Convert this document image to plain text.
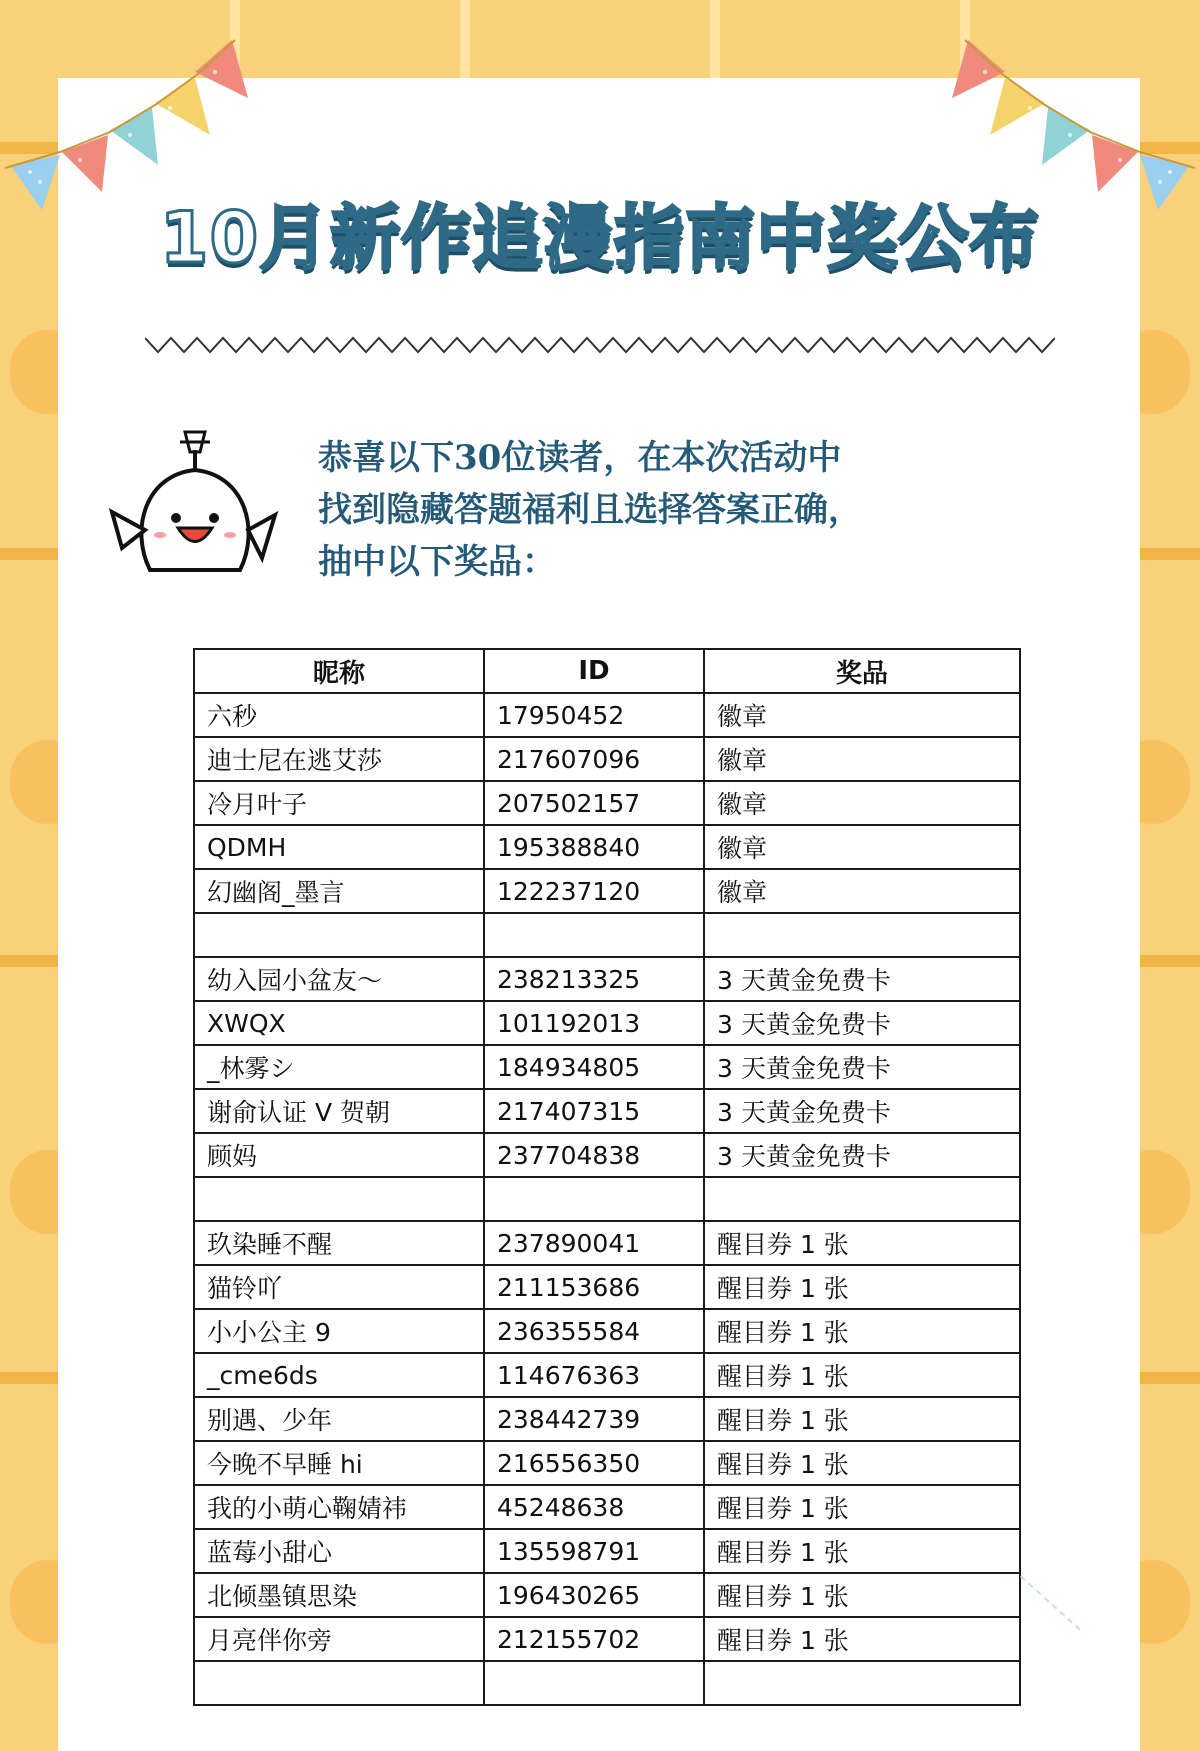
10月新作追漫指南中奖公布
恭喜以下30位读者，在本次活动中
找到隐藏答题福利且选择答案正确，
抽中以下奖品：
昵称	ID	奖品
六秒	17950452	徽章
迪士尼在逃艾莎	217607096	徽章
冷月叶子	207502157	徽章
QDMH	195388840	徽章
幻幽阁_墨言	122237120	徽章

幼入园小盆友～	238213325	3 天黄金免费卡
XWQX	101192013	3 天黄金免费卡
_林雾シ	184934805	3 天黄金免费卡
谢俞认证 V 贺朝	217407315	3 天黄金免费卡
顾妈	237704838	3 天黄金免费卡

玖染睡不醒	237890041	醒目券 1 张
猫铃吖	211153686	醒目券 1 张
小小公主 9	236355584	醒目券 1 张
_cme6ds	114676363	醒目券 1 张
别遇、少年	238442739	醒目券 1 张
今晚不早睡 hi	216556350	醒目券 1 张
我的小萌心鞠婧祎	45248638	醒目券 1 张
蓝莓小甜心	135598791	醒目券 1 张
北倾墨镇思染	196430265	醒目券 1 张
月亮伴你旁	212155702	醒目券 1 张
